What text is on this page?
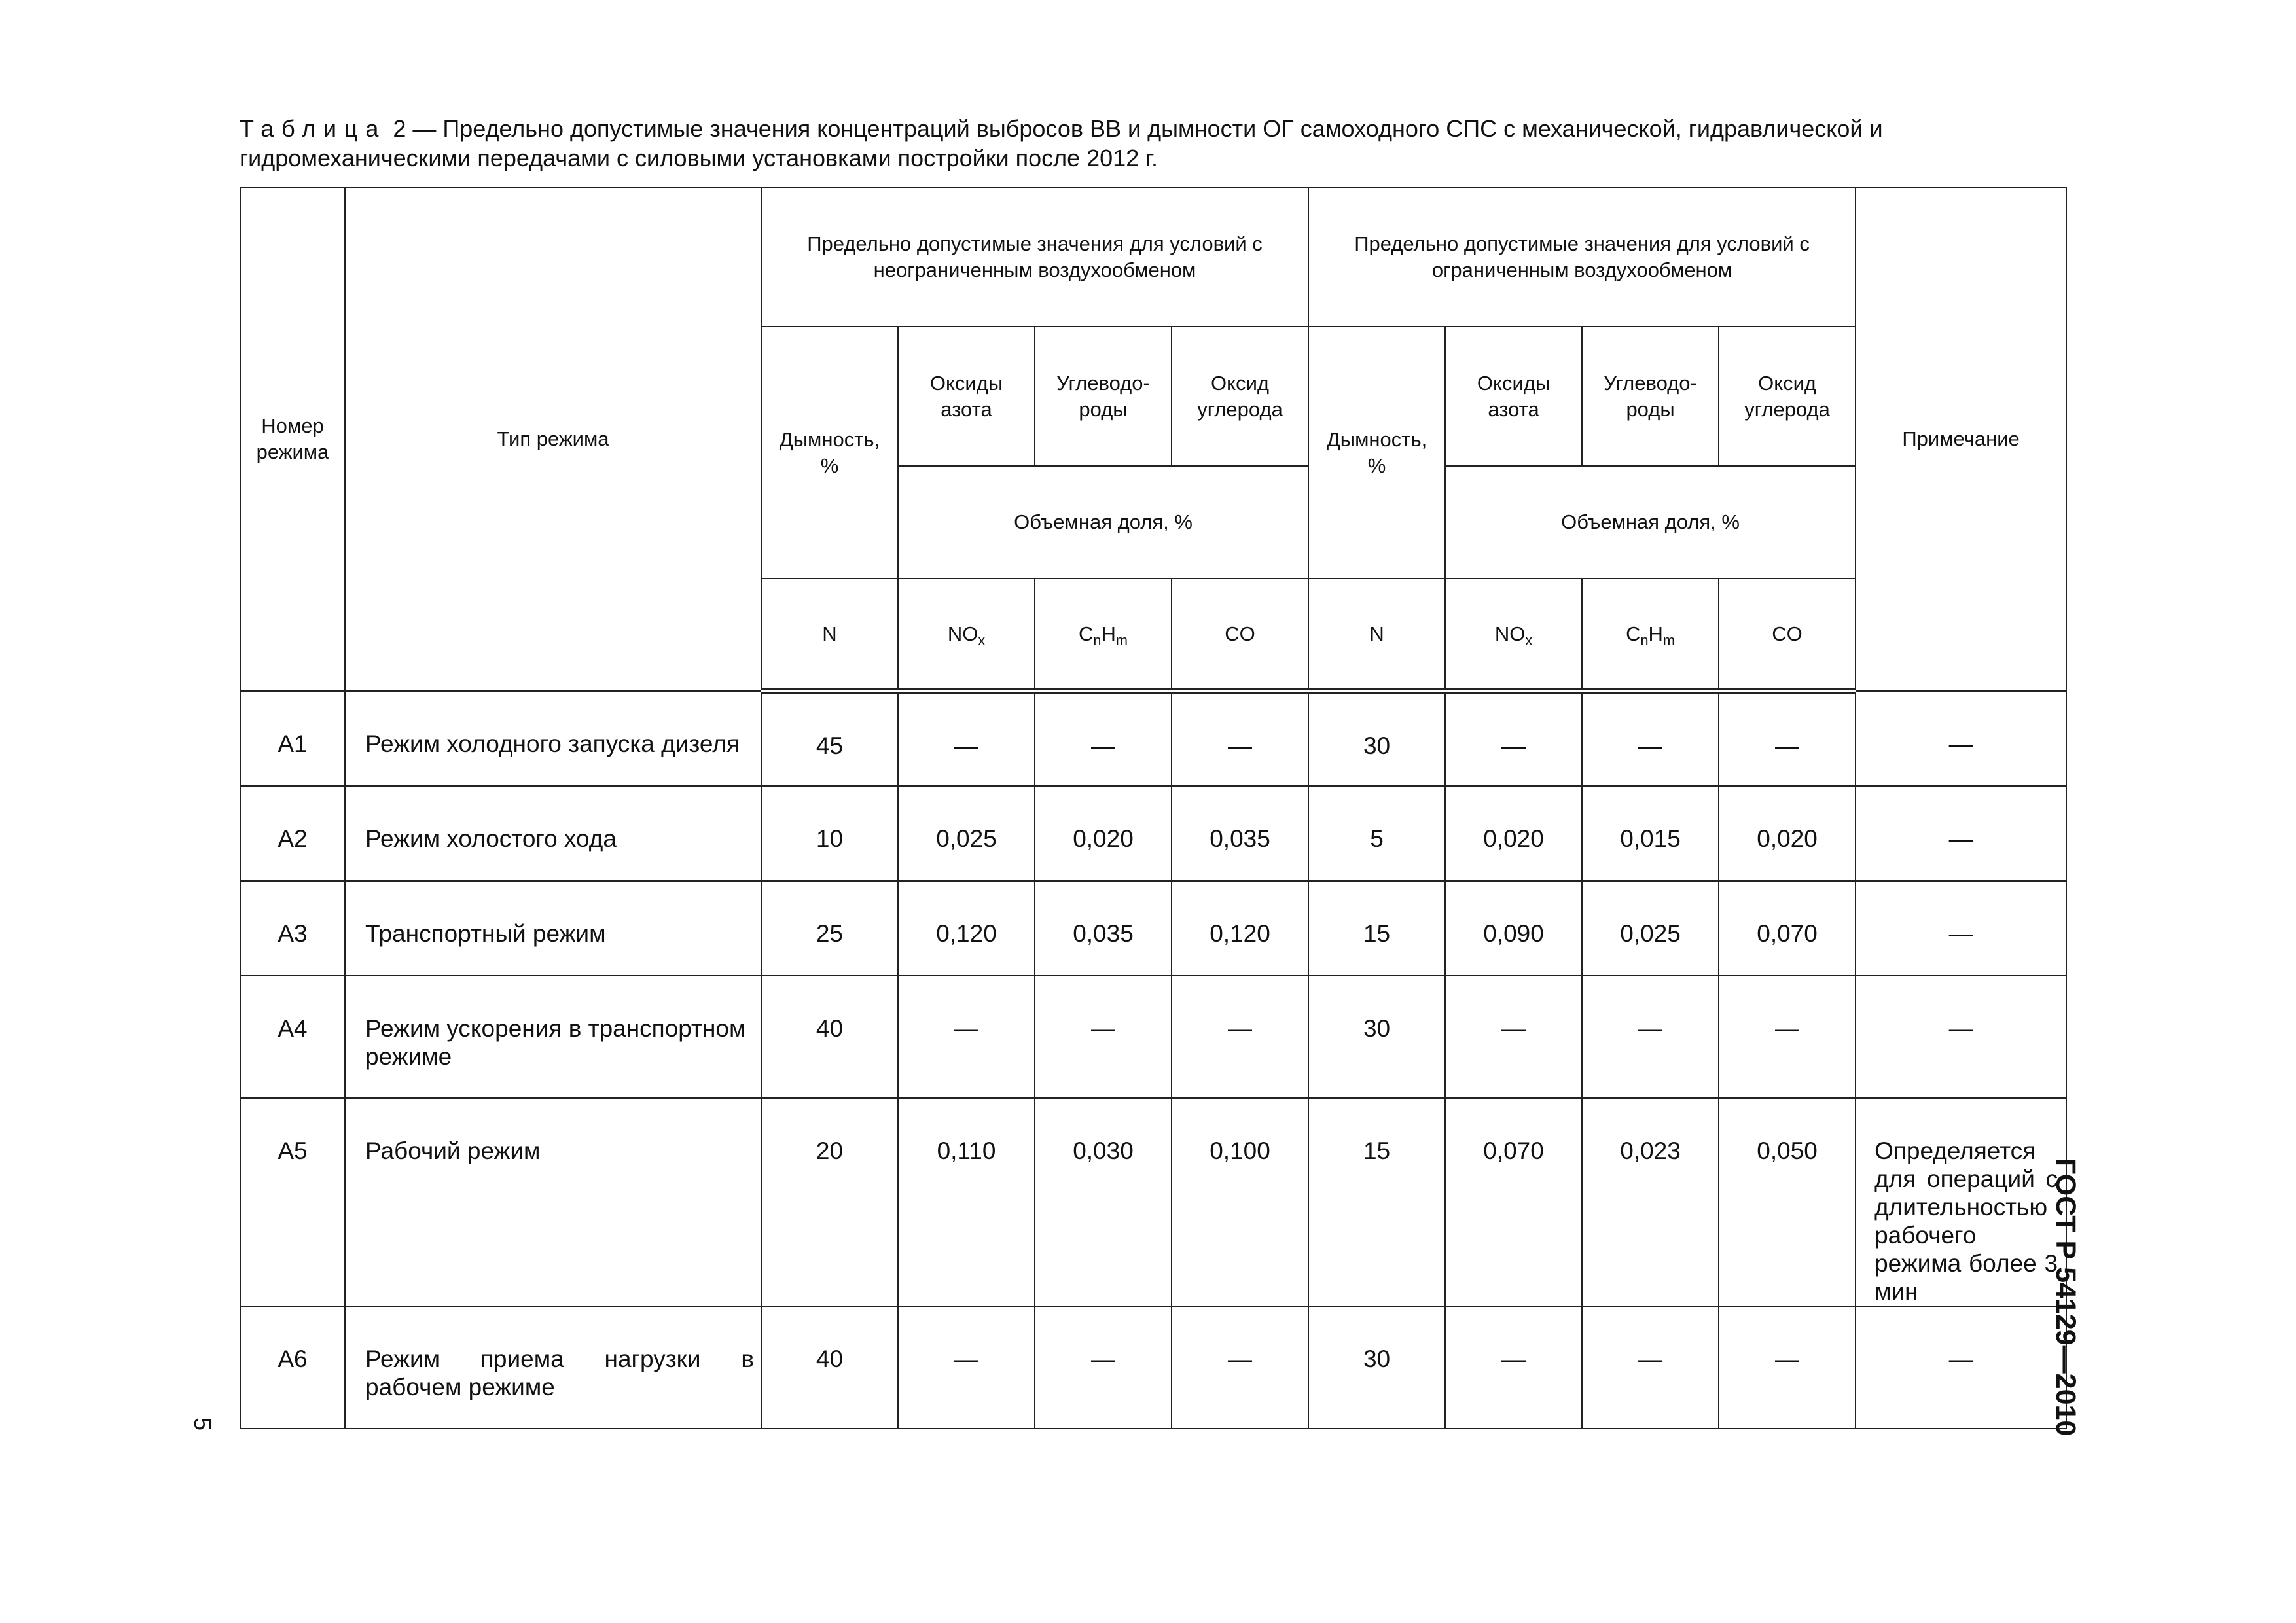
Таблица 2 — Предельно допустимые значения концентраций выбросов ВВ и дымности ОГ самоходного СПС с механической, гидравлической и гидромеханическими передачами с силовыми установками постройки после 2012 г.
Номер режима	Тип режима	Предельно допустимые значения для условий с неограниченным воздухообменом				Предельно допустимые значения для условий с ограниченным воздухообменом				Примечание
		Дымность, %	Оксиды азота	Углеводо-роды	Оксид углерода	Дымность, %	Оксиды азота	Углеводо-роды	Оксид углерода	
			Объемная доля, %				Объемная доля, %			
		N	$NO_x$	$C_nH_m$	CO	N	$NO_x$	$C_nH_m$	CO	
А1	Режим холодного запуска дизеля	45	—	—	—	30	—	—	—	—
А2	Режим холостого хода	10	0,025	0,020	0,035	5	0,020	0,015	0,020	—
А3	Транспортный режим	25	0,120	0,035	0,120	15	0,090	0,025	0,070	—
А4	Режим ускорения в транспортном режиме	40	—	—	—	30	—	—	—	—
А5	Рабочий режим	20	0,110	0,030	0,100	15	0,070	0,023	0,050	Определяется для операций с длительностью рабочего режима более 3 мин
А6	Режим приема нагрузки в рабочем режиме	40	—	—	—	30	—	—	—	—	ГОСТ Р 54129—2010
5
